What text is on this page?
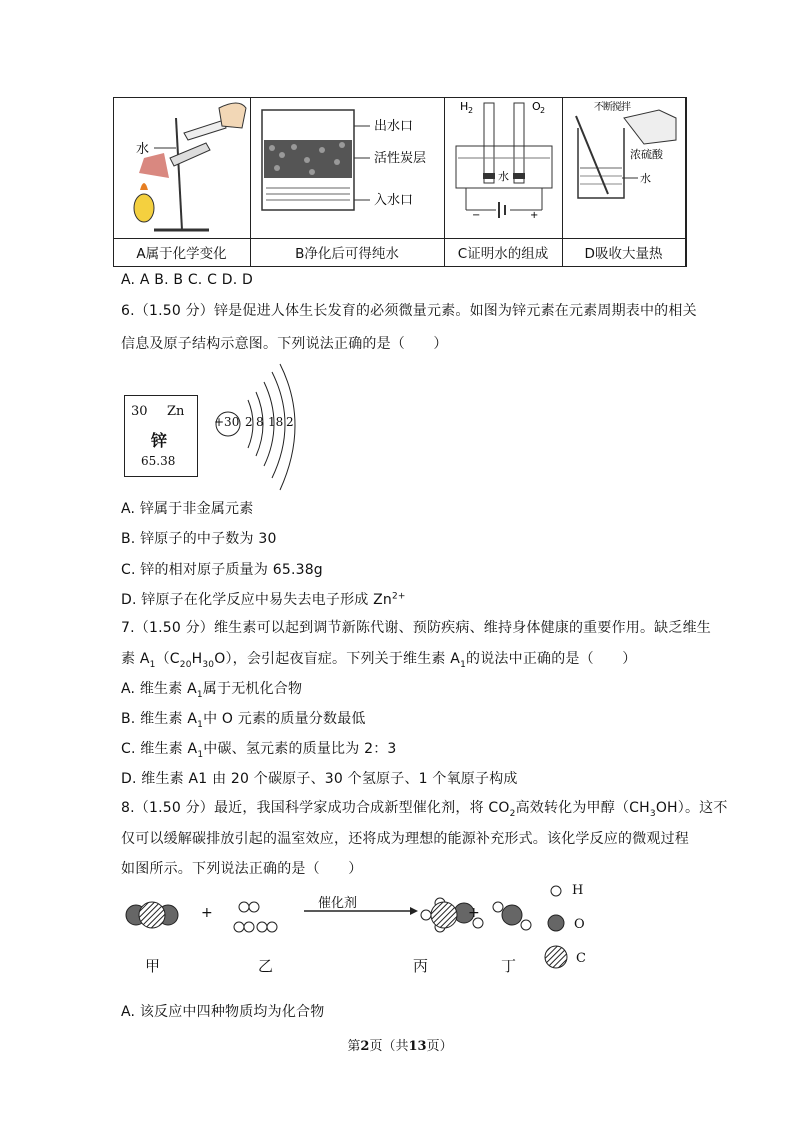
水
出水口
活性炭层
入水口
H 2	O 2
水
−	+
不断搅拌
浓硫酸
水
A属于化学变化	B净化后可得纯水	C证明水的组成	D吸收大量热
A. A B. B C. C D. D
6.（1.50 分）锌是促进人体生长发育的必须微量元素。如图为锌元素在元素周期表中的相关
信息及原子结构示意图。下列说法正确的是（　　）
30 Zn
锌
65.38
+30 2 8 18 2
A. 锌属于非金属元素
B. 锌原子的中子数为 30
C. 锌的相对原子质量为 65.38g
D. 锌原子在化学反应中易失去电子形成 $Zn^{2+}$
7.（1.50 分）维生素可以起到调节新陈代谢、预防疾病、维持身体健康的重要作用。缺乏维生
素 $A_1(C_{20}H_{30}O)$，会引起夜盲症。下列关于维生素 $A_1$的说法中正确的是（　　）
A. 维生素 $A_1$属于无机化合物
B. 维生素 $A_1$中 O 元素的质量分数最低
C. 维生素 $A_1$中碳、氢元素的质量比为 2：3
D. 维生素 A1 由 20 个碳原子、30 个氢原子、1 个氧原子构成
8.（1.50 分）最近，我国科学家成功合成新型催化剂，将 $CO_2$高效转化为甲醇$(CH_3OH)$。这不
仅可以缓解碳排放引起的温室效应，还将成为理想的能源补充形式。该化学反应的微观过程
如图所示。下列说法正确的是（　　）
+	+
催化剂
甲	乙	丙	丁
H
O
C
A. 该反应中四种物质均为化合物
第2页（共13页）
